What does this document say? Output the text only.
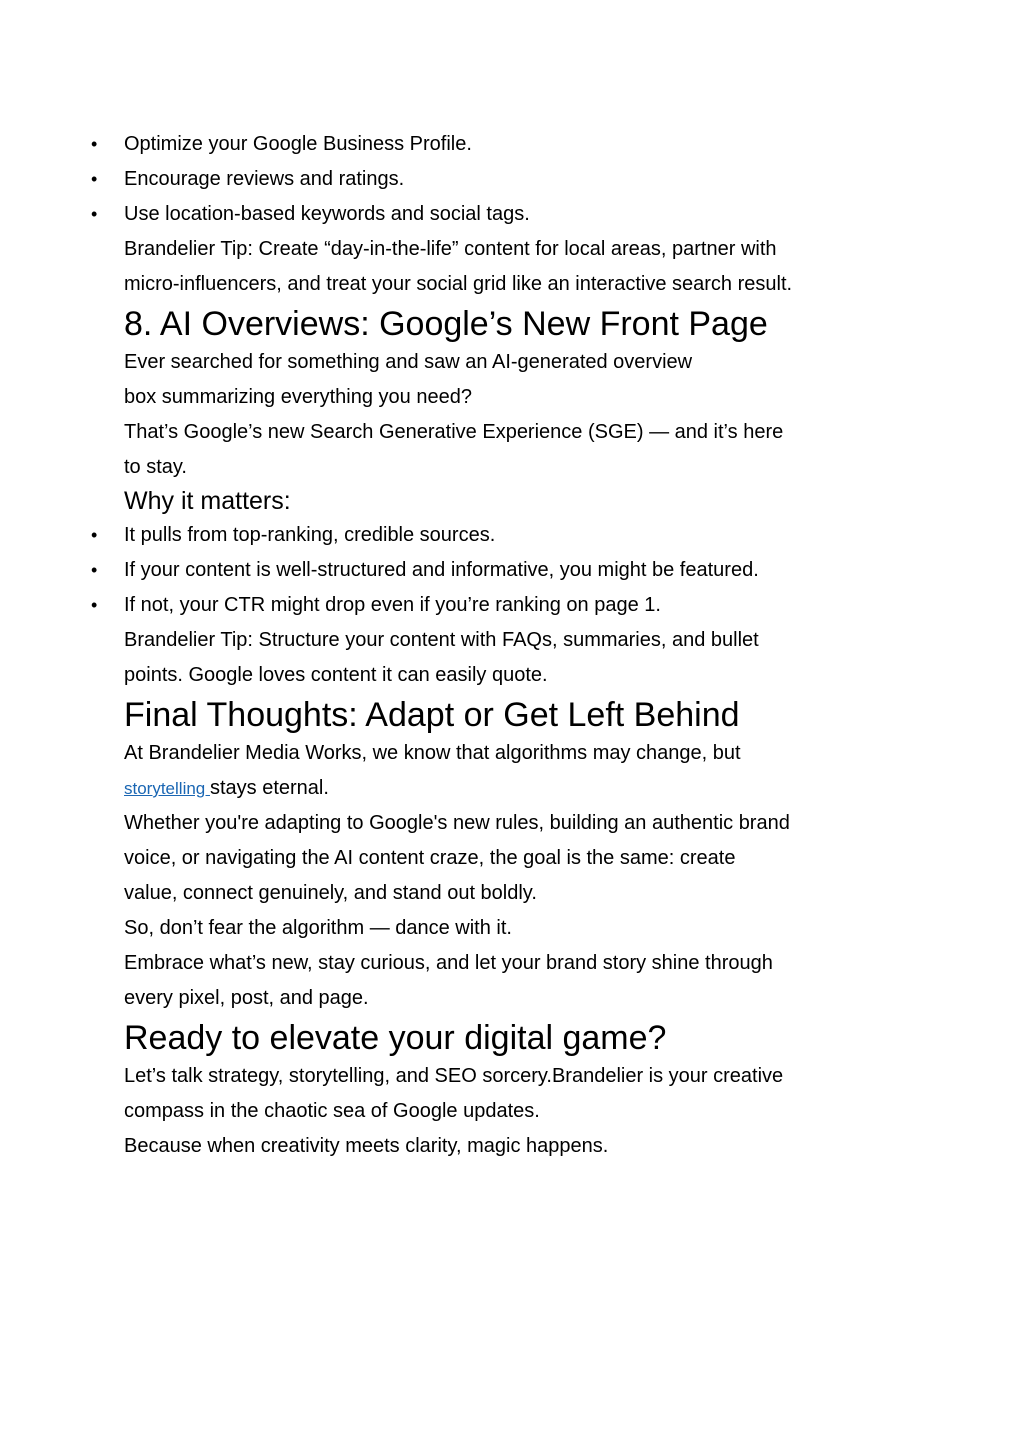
• Optimize your Google Business Profile.
• Encourage reviews and ratings.
• Use location-based keywords and social tags.

Brandelier Tip: Create “day-in-the-life” content for local areas, partner with

micro-influencers, and treat your social grid like an interactive search result.

8. AI Overviews: Google’s New Front Page

Ever searched for something and saw an AI-generated overview

box summarizing everything you need?

That’s Google’s new Search Generative Experience (SGE) — and it’s here

to stay.

Why it matters:
• It pulls from top-ranking, credible sources.
• If your content is well-structured and informative, you might be featured.
• If not, your CTR might drop even if you’re ranking on page 1.

Brandelier Tip: Structure your content with FAQs, summaries, and bullet

points. Google loves content it can easily quote.

Final Thoughts: Adapt or Get Left Behind

At Brandelier Media Works, we know that algorithms may change, but

storytelling stays eternal.

Whether you're adapting to Google's new rules, building an authentic brand

voice, or navigating the AI content craze, the goal is the same: create

value, connect genuinely, and stand out boldly.

So, don’t fear the algorithm — dance with it.

Embrace what’s new, stay curious, and let your brand story shine through

every pixel, post, and page.

Ready to elevate your digital game?

Let’s talk strategy, storytelling, and SEO sorcery.Brandelier is your creative

compass in the chaotic sea of Google updates.

Because when creativity meets clarity, magic happens.
